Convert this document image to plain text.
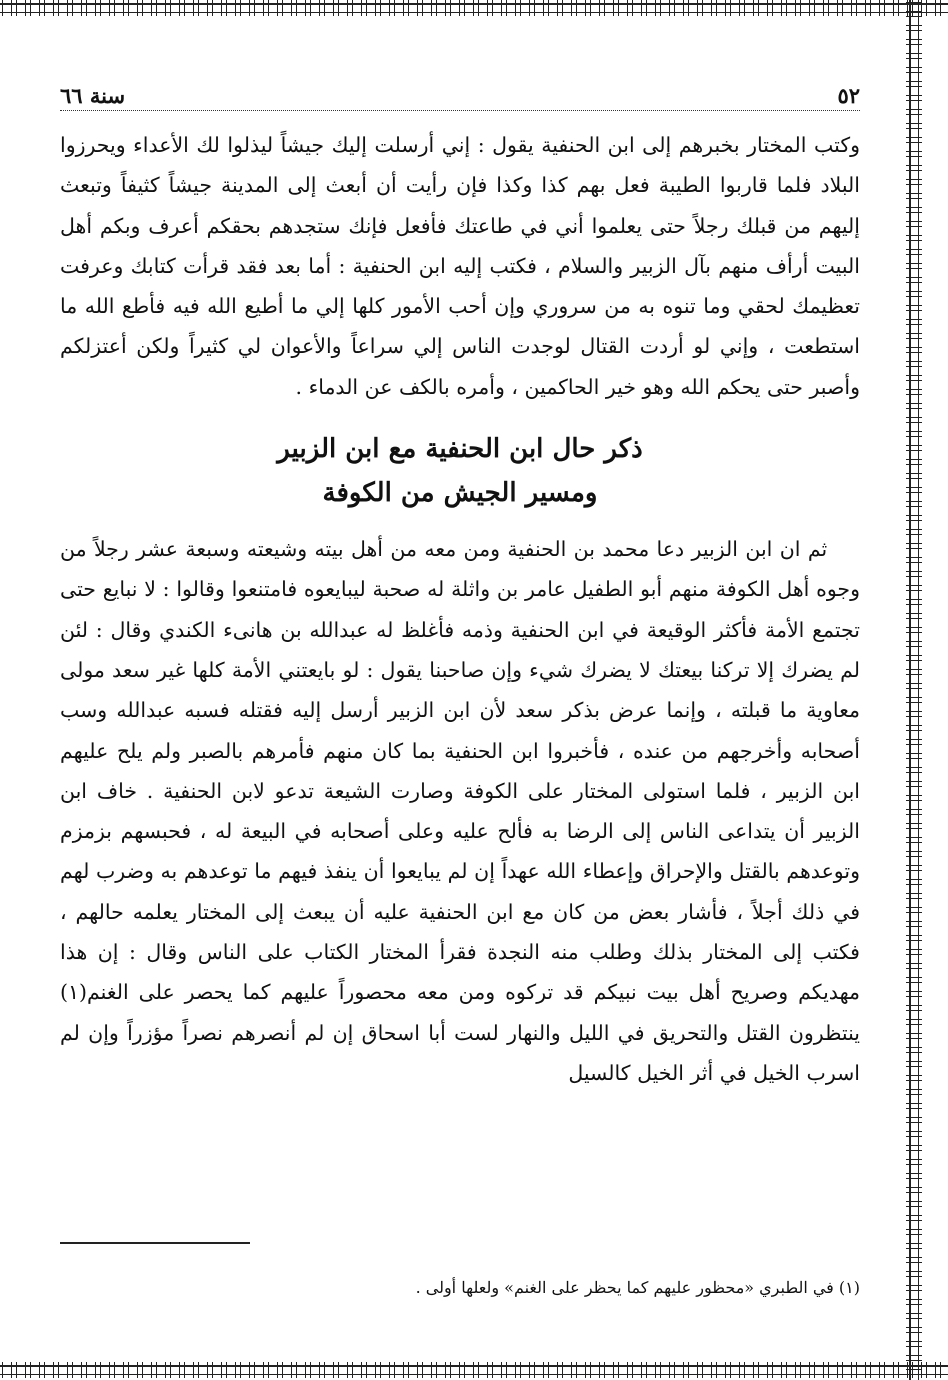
٥٢
سنة ٦٦

وكتب المختار بخبرهم إلى ابن الحنفية يقول : إني أرسلت إليك جيشاً ليذلوا لك الأعداء ويحرزوا البلاد فلما قاربوا الطيبة فعل بهم كذا وكذا فإن رأيت أن أبعث إلى المدينة جيشاً كثيفاً وتبعث إليهم من قبلك رجلاً حتى يعلموا أني في طاعتك فأفعل فإنك ستجدهم بحقكم أعرف وبكم أهل البيت أرأف منهم بآل الزبير والسلام ، فكتب إليه ابن الحنفية : أما بعد فقد قرأت كتابك وعرفت تعظيمك لحقي وما تنوه به من سروري وإن أحب الأمور كلها إلي ما أطيع الله فيه فأطع الله ما استطعت ، وإني لو أردت القتال لوجدت الناس إلي سراعاً والأعوان لي كثيراً ولكن أعتزلكم وأصبر حتى يحكم الله وهو خير الحاكمين ، وأمره بالكف عن الدماء .

ذكر حال ابن الحنفية مع ابن الزبير
ومسير الجيش من الكوفة

ثم ان ابن الزبير دعا محمد بن الحنفية ومن معه من أهل بيته وشيعته وسبعة عشر رجلاً من وجوه أهل الكوفة منهم أبو الطفيل عامر بن واثلة له صحبة ليبايعوه فامتنعوا وقالوا : لا نبايع حتى تجتمع الأمة فأكثر الوقيعة في ابن الحنفية وذمه فأغلظ له عبدالله بن هانىء الكندي وقال : لئن لم يضرك إلا تركنا بيعتك لا يضرك شيء وإن صاحبنا يقول : لو بايعتني الأمة كلها غير سعد مولى معاوية ما قبلته ، وإنما عرض بذكر سعد لأن ابن الزبير أرسل إليه فقتله فسبه عبدالله وسب أصحابه وأخرجهم من عنده ، فأخبروا ابن الحنفية بما كان منهم فأمرهم بالصبر ولم يلح عليهم ابن الزبير ، فلما استولى المختار على الكوفة وصارت الشيعة تدعو لابن الحنفية . خاف ابن الزبير أن يتداعى الناس إلى الرضا به فألح عليه وعلى أصحابه في البيعة له ، فحبسهم بزمزم وتوعدهم بالقتل والإحراق وإعطاء الله عهداً إن لم يبايعوا أن ينفذ فيهم ما توعدهم به وضرب لهم في ذلك أجلاً ، فأشار بعض من كان مع ابن الحنفية عليه أن يبعث إلى المختار يعلمه حالهم ، فكتب إلى المختار بذلك وطلب منه النجدة فقرأ المختار الكتاب على الناس وقال : إن هذا مهديكم وصريح أهل بيت نبيكم قد تركوه ومن معه محصوراً عليهم كما يحصر على الغنم(١) ينتظرون القتل والتحريق في الليل والنهار لست أبا اسحاق إن لم أنصرهم نصراً مؤزراً وإن لم اسرب الخيل في أثر الخيل كالسيل

(١) في الطبري «محظور عليهم كما يحظر على الغنم» ولعلها أولى .
